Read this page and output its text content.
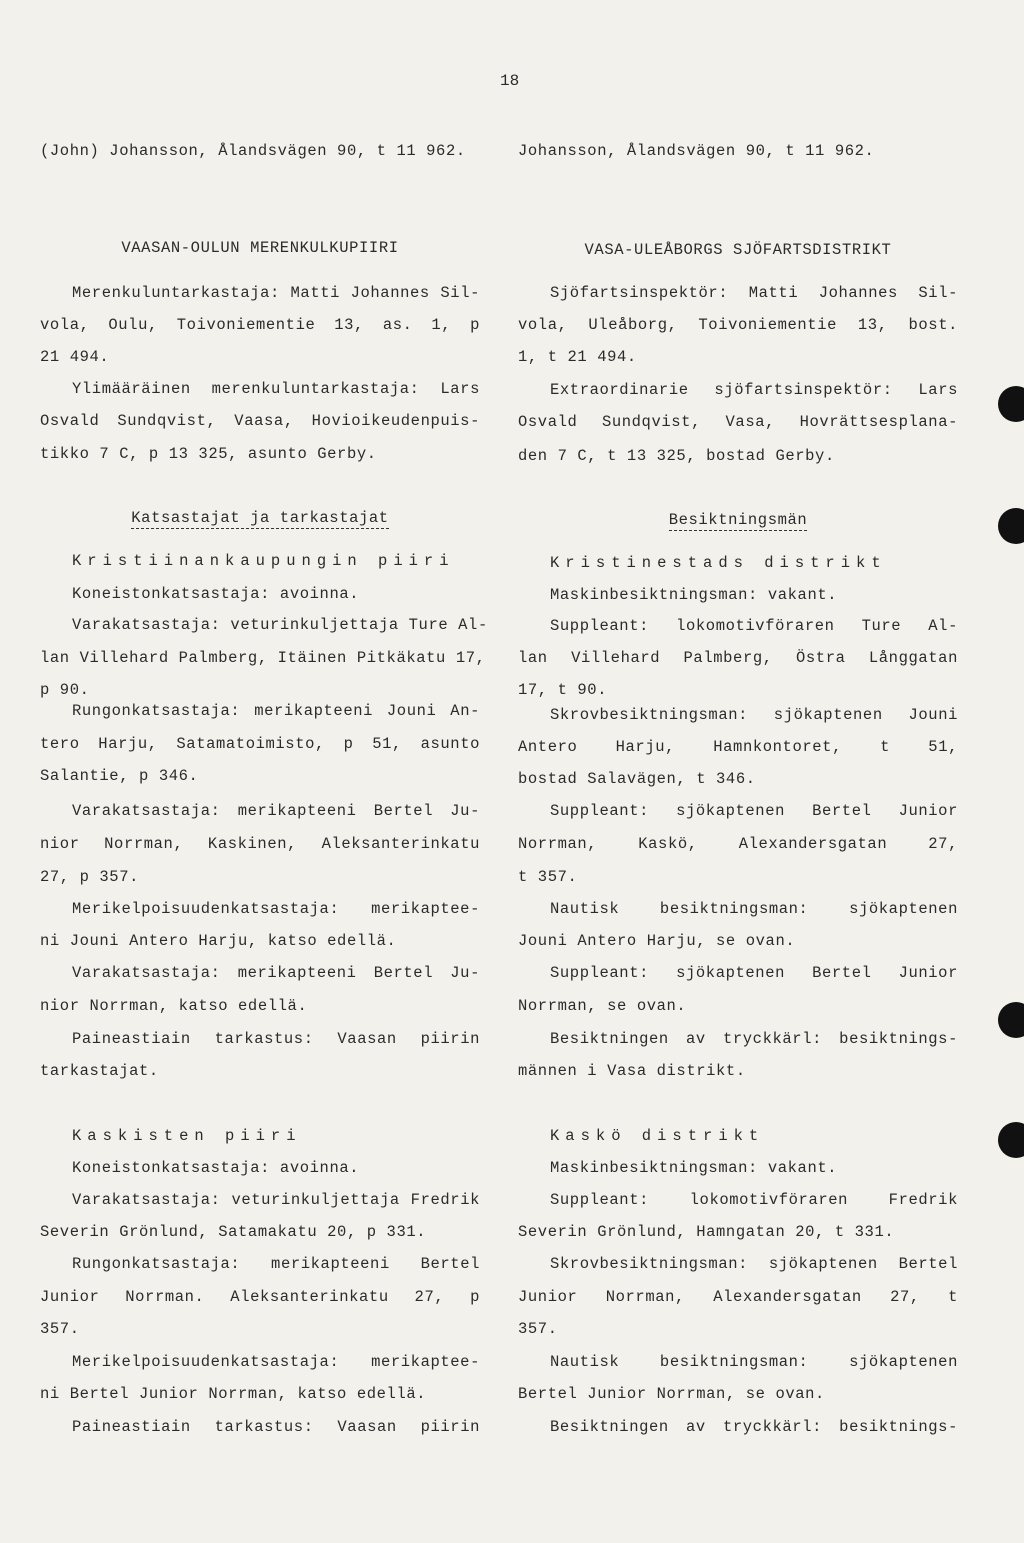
18
(John) Johansson, Ålandsvägen 90, t 11 962.
VAASAN-OULUN MERENKULKUPIIRI
Merenkuluntarkastaja: Matti Johannes Sil-
vola, Oulu, Toivoniementie 13, as. 1, p
21 494.
Ylimääräinen merenkuluntarkastaja: Lars
Osvald Sundqvist, Vaasa, Hovioikeudenpuis-
tikko 7 C, p 13 325, asunto Gerby.
Katsastajat ja tarkastajat
Kristiinankaupungin piiri
Koneistonkatsastaja: avoinna.
Varakatsastaja: veturinkuljettaja Ture Al-
lan Villehard Palmberg, Itäinen Pitkäkatu 17,
p 90.
Rungonkatsastaja: merikapteeni Jouni An-
tero Harju, Satamatoimisto, p 51, asunto
Salantie, p 346.
Varakatsastaja: merikapteeni Bertel Ju-
nior Norrman, Kaskinen, Aleksanterinkatu
27, p 357.
Merikelpoisuudenkatsastaja: merikaptee-
ni Jouni Antero Harju, katso edellä.
Varakatsastaja: merikapteeni Bertel Ju-
nior Norrman, katso edellä.
Paineastiain tarkastus: Vaasan piirin
tarkastajat.
Kaskisten piiri
Koneistonkatsastaja: avoinna.
Varakatsastaja: veturinkuljettaja Fredrik
Severin Grönlund, Satamakatu 20, p 331.
Rungonkatsastaja: merikapteeni Bertel
Junior Norrman. Aleksanterinkatu 27, p
357.
Merikelpoisuudenkatsastaja: merikaptee-
ni Bertel Junior Norrman, katso edellä.
Paineastiain tarkastus: Vaasan piirin
Johansson, Ålandsvägen 90, t 11 962.
VASA-ULEÅBORGS SJÖFARTSDISTRIKT
Sjöfartsinspektör: Matti Johannes Sil-
vola, Uleåborg, Toivoniementie 13, bost.
1, t 21 494.
Extraordinarie sjöfartsinspektör: Lars
Osvald Sundqvist, Vasa, Hovrättsesplana-
den 7 C, t 13 325, bostad Gerby.
Besiktningsmän
Kristinestads distrikt
Maskinbesiktningsman: vakant.
Suppleant: lokomotivföraren Ture Al-
lan Villehard Palmberg, Östra Långgatan
17, t 90.
Skrovbesiktningsman: sjökaptenen Jouni
Antero Harju, Hamnkontoret, t 51,
bostad Salavägen, t 346.
Suppleant: sjökaptenen Bertel Junior
Norrman, Kaskö, Alexandersgatan 27,
t 357.
Nautisk besiktningsman: sjökaptenen
Jouni Antero Harju, se ovan.
Suppleant: sjökaptenen Bertel Junior
Norrman, se ovan.
Besiktningen av tryckkärl: besiktnings-
männen i Vasa distrikt.
Kaskö distrikt
Maskinbesiktningsman: vakant.
Suppleant: lokomotivföraren Fredrik
Severin Grönlund, Hamngatan 20, t 331.
Skrovbesiktningsman: sjökaptenen Bertel
Junior Norrman, Alexandersgatan 27, t
357.
Nautisk besiktningsman: sjökaptenen
Bertel Junior Norrman, se ovan.
Besiktningen av tryckkärl: besiktnings-
